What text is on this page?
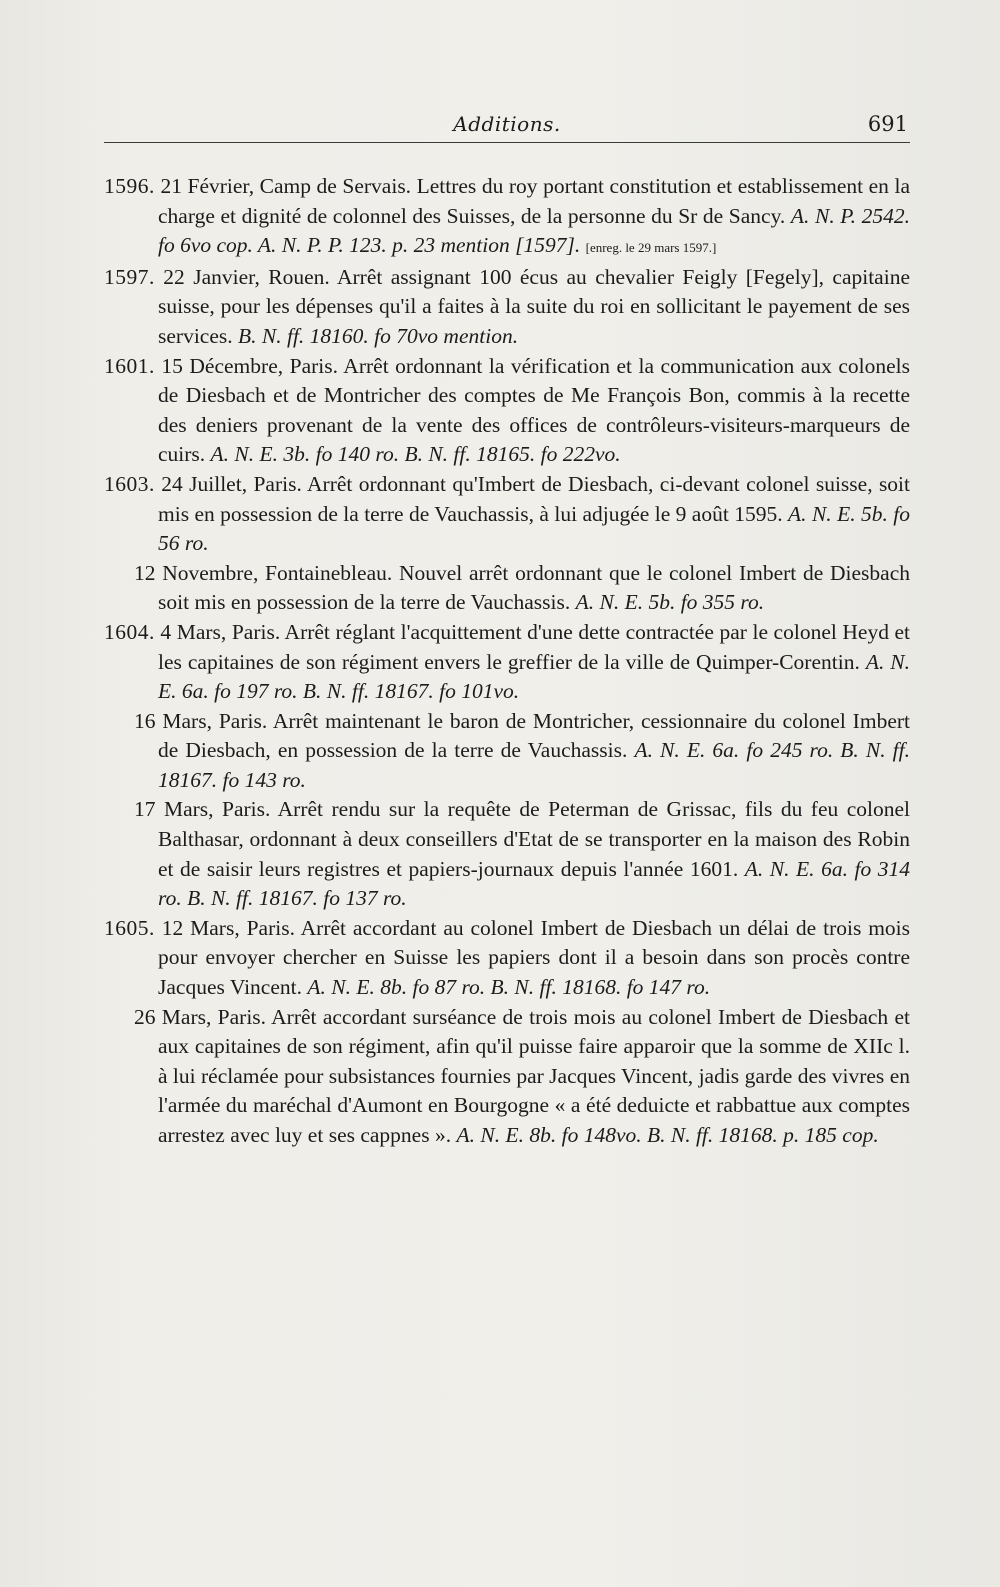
Additions.	691

1596. 21 Février, Camp de Servais. Lettres du roy portant constitution et establissement en la charge et dignité de colonnel des Suisses, de la personne du Sr de Sancy. A. N. P. 2542. fo 6vo cop. A. N. P. P. 123. p. 23 mention [1597]. [enreg. le 29 mars 1597.]

1597. 22 Janvier, Rouen. Arrêt assignant 100 écus au chevalier Feigly [Fegely], capitaine suisse, pour les dépenses qu'il a faites à la suite du roi en sollicitant le payement de ses services. B. N. ff. 18160. fo 70vo mention.

1601. 15 Décembre, Paris. Arrêt ordonnant la vérification et la communication aux colonels de Diesbach et de Montricher des comptes de Me François Bon, commis à la recette des deniers provenant de la vente des offices de contrôleurs-visiteurs-marqueurs de cuirs. A. N. E. 3b. fo 140 ro. B. N. ff. 18165. fo 222vo.

1603. 24 Juillet, Paris. Arrêt ordonnant qu'Imbert de Diesbach, ci-devant colonel suisse, soit mis en possession de la terre de Vauchassis, à lui adjugée le 9 août 1595. A. N. E. 5b. fo 56 ro.

12 Novembre, Fontainebleau. Nouvel arrêt ordonnant que le colonel Imbert de Diesbach soit mis en possession de la terre de Vauchassis. A. N. E. 5b. fo 355 ro.

1604. 4 Mars, Paris. Arrêt réglant l'acquittement d'une dette contractée par le colonel Heyd et les capitaines de son régiment envers le greffier de la ville de Quimper-Corentin. A. N. E. 6a. fo 197 ro. B. N. ff. 18167. fo 101vo.

16 Mars, Paris. Arrêt maintenant le baron de Montricher, cessionnaire du colonel Imbert de Diesbach, en possession de la terre de Vauchassis. A. N. E. 6a. fo 245 ro. B. N. ff. 18167. fo 143 ro.

17 Mars, Paris. Arrêt rendu sur la requête de Peterman de Grissac, fils du feu colonel Balthasar, ordonnant à deux conseillers d'Etat de se transporter en la maison des Robin et de saisir leurs registres et papiers-journaux depuis l'année 1601. A. N. E. 6a. fo 314 ro. B. N. ff. 18167. fo 137 ro.

1605. 12 Mars, Paris. Arrêt accordant au colonel Imbert de Diesbach un délai de trois mois pour envoyer chercher en Suisse les papiers dont il a besoin dans son procès contre Jacques Vincent. A. N. E. 8b. fo 87 ro. B. N. ff. 18168. fo 147 ro.

26 Mars, Paris. Arrêt accordant surséance de trois mois au colonel Imbert de Diesbach et aux capitaines de son régiment, afin qu'il puisse faire apparoir que la somme de XIIc l. à lui réclamée pour subsistances fournies par Jacques Vincent, jadis garde des vivres en l'armée du maréchal d'Aumont en Bourgogne « a été deduicte et rabbattue aux comptes arrestez avec luy et ses cappnes ». A. N. E. 8b. fo 148vo. B. N. ff. 18168. p. 185 cop.
